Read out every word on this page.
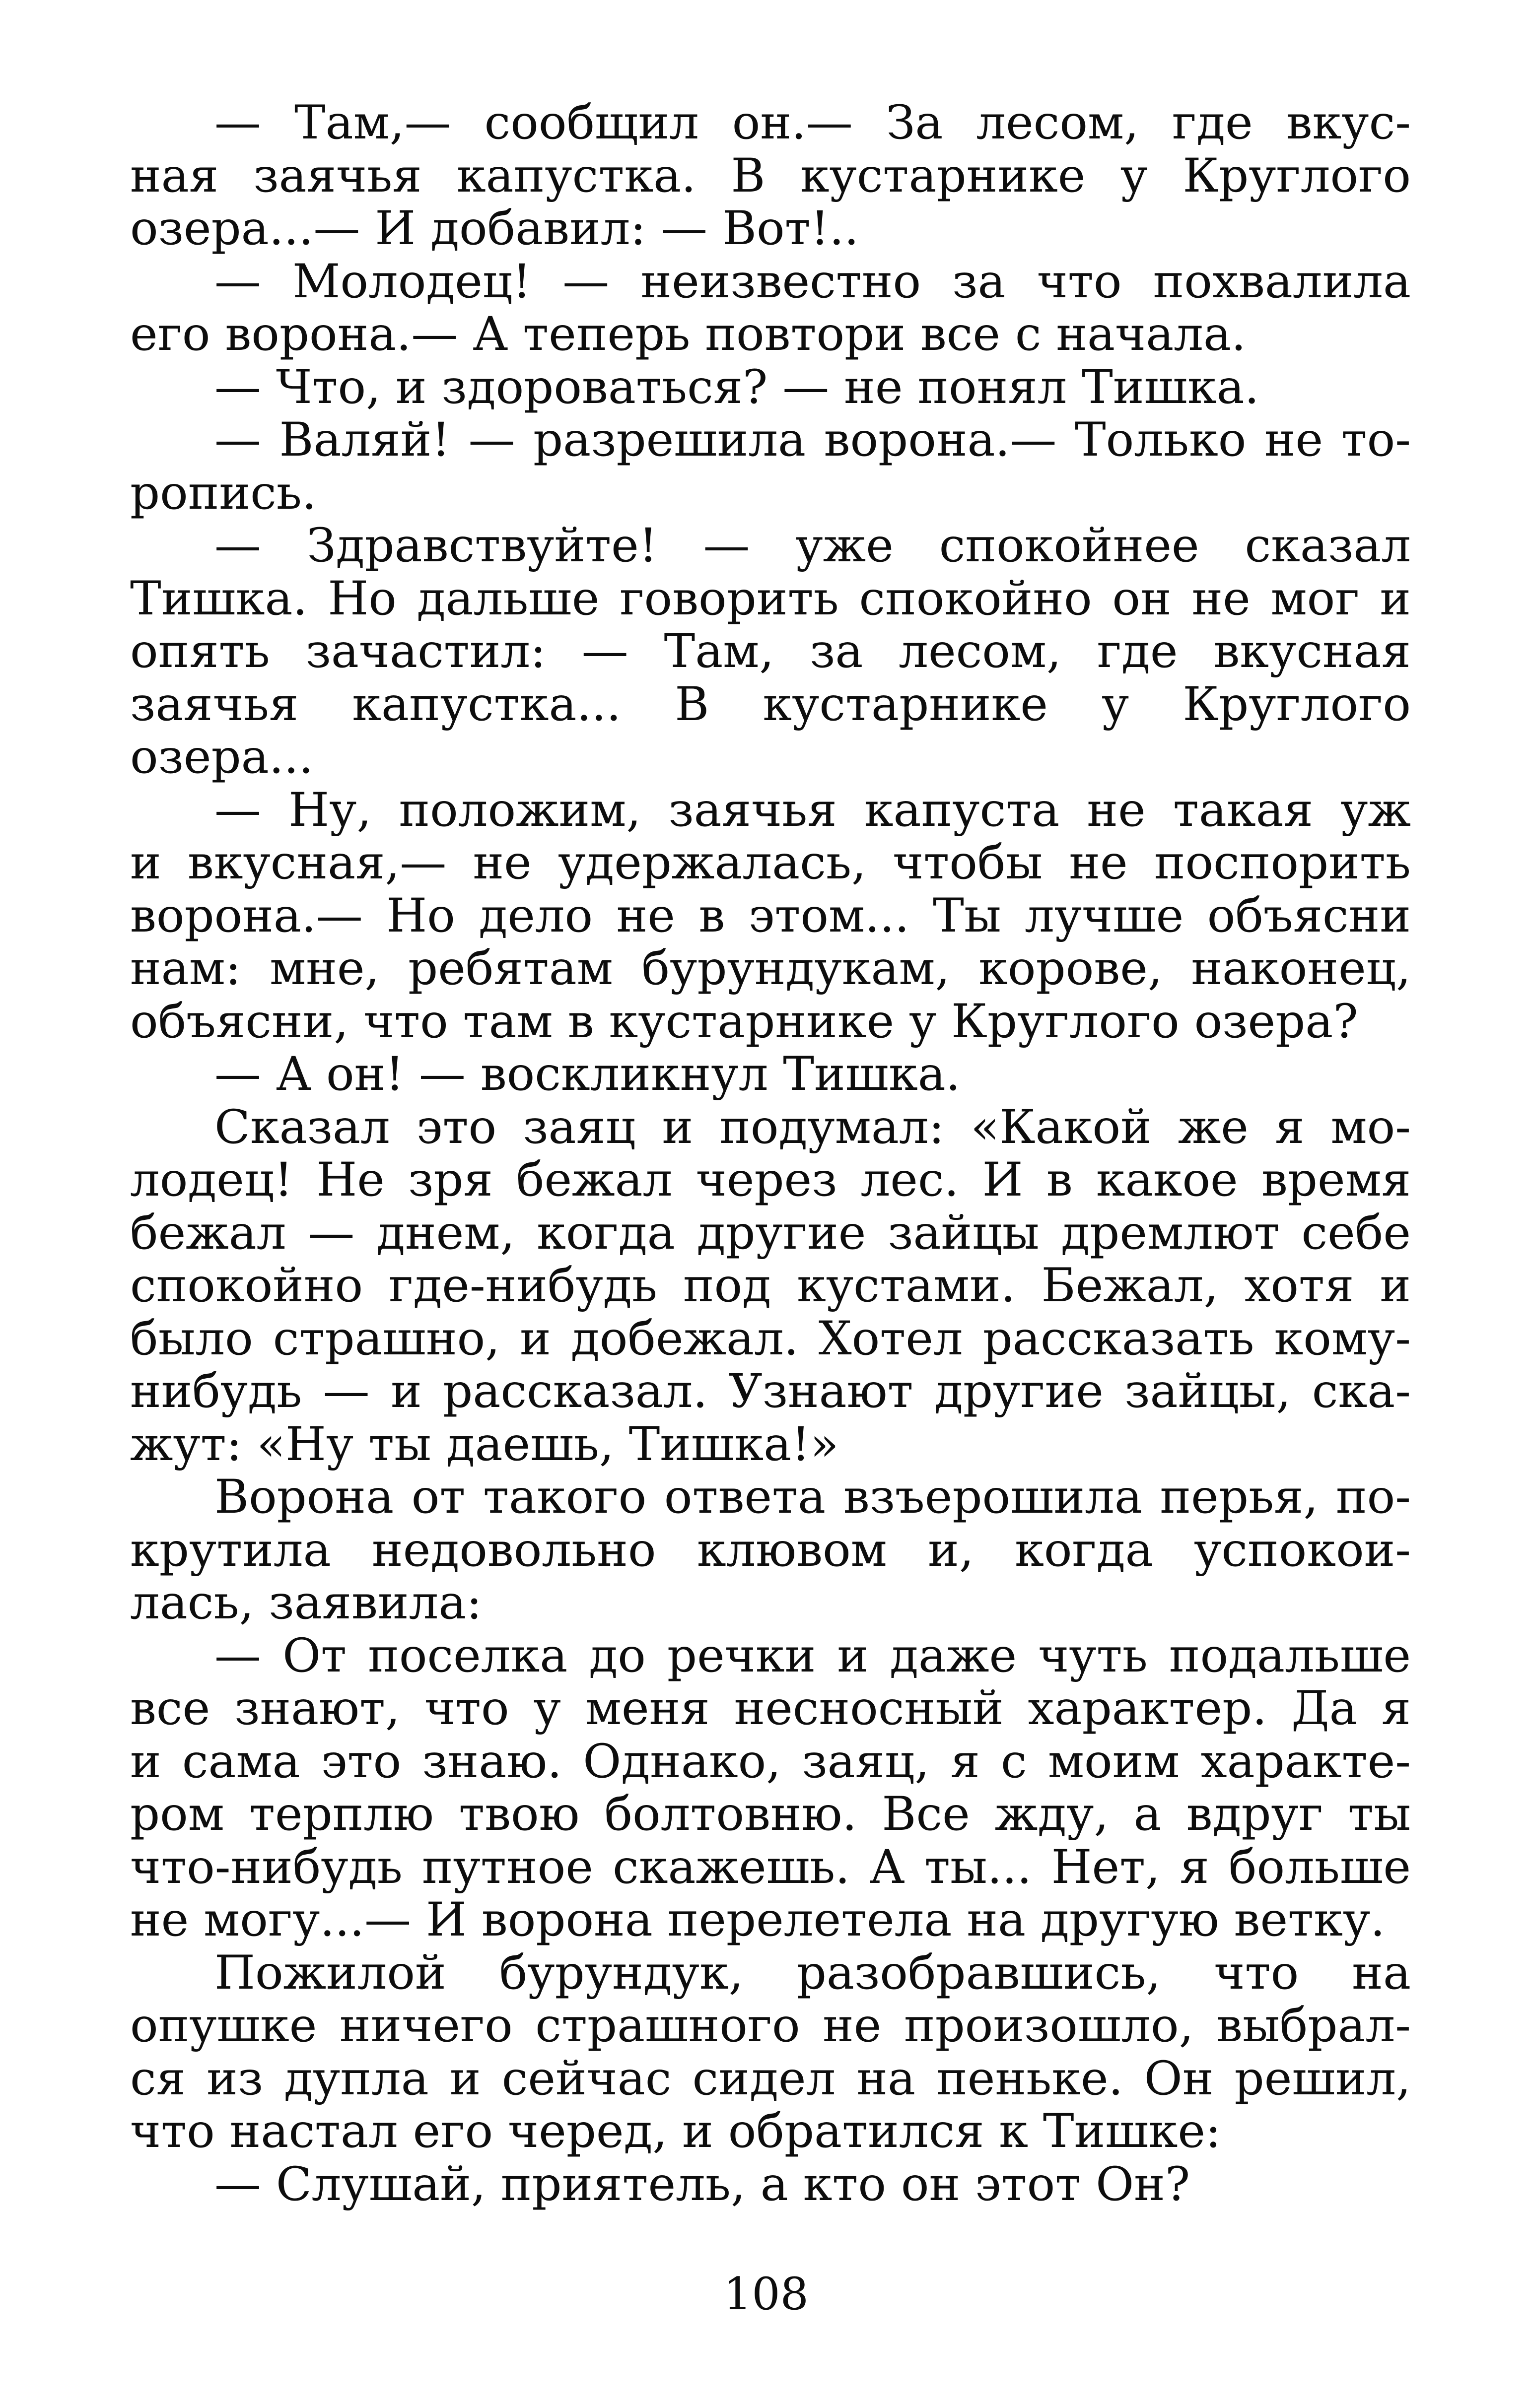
— Там,— сообщил он.— За лесом, где вкус-
ная заячья капустка. В кустарнике у Круглого
озера...— И добавил: — Вот!..
— Молодец! — неизвестно за что похвалила
его ворона.— А теперь повтори все с начала.
— Что, и здороваться? — не понял Тишка.
— Валяй! — разрешила ворона.— Только не то-
ропись.
— Здравствуйте! — уже спокойнее сказал
Тишка. Но дальше говорить спокойно он не мог и
опять зачастил: — Там, за лесом, где вкусная
заячья капустка... В кустарнике у Круглого
озера...
— Ну, положим, заячья капуста не такая уж
и вкусная,— не удержалась, чтобы не поспорить
ворона.— Но дело не в этом... Ты лучше объясни
нам: мне, ребятам бурундукам, корове, наконец,
объясни, что там в кустарнике у Круглого озера?
— А он! — воскликнул Тишка.
Сказал это заяц и подумал: «Какой же я мо-
лодец! Не зря бежал через лес. И в какое время
бежал — днем, когда другие зайцы дремлют себе
спокойно где-нибудь под кустами. Бежал, хотя и
было страшно, и добежал. Хотел рассказать кому-
нибудь — и рассказал. Узнают другие зайцы, ска-
жут: «Ну ты даешь, Тишка!»
Ворона от такого ответа взъерошила перья, по-
крутила недовольно клювом и, когда успокои-
лась, заявила:
— От поселка до речки и даже чуть подальше
все знают, что у меня несносный характер. Да я
и сама это знаю. Однако, заяц, я с моим характе-
ром терплю твою болтовню. Все жду, а вдруг ты
что-нибудь путное скажешь. А ты... Нет, я больше
не могу...— И ворона перелетела на другую ветку.
Пожилой бурундук, разобравшись, что на
опушке ничего страшного не произошло, выбрал-
ся из дупла и сейчас сидел на пеньке. Он решил,
что настал его черед, и обратился к Тишке:
— Слушай, приятель, а кто он этот Он?
108
